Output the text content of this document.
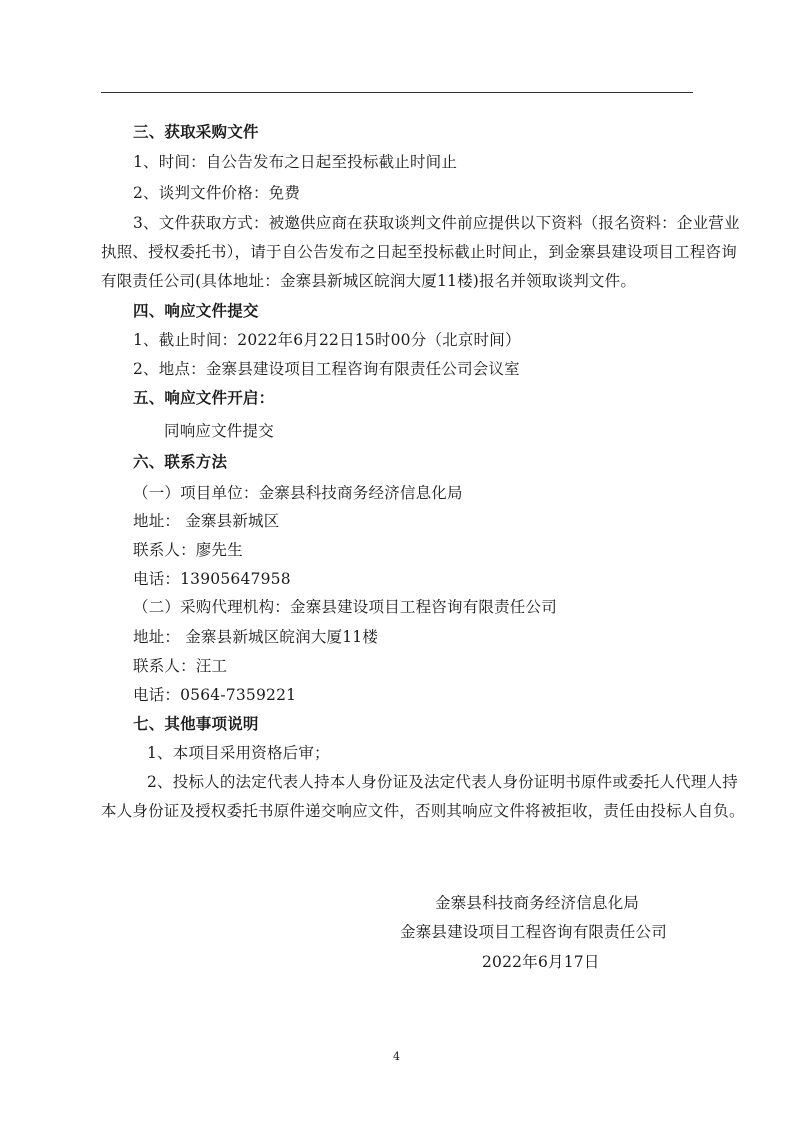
三、获取采购文件
1、时间：自公告发布之日起至投标截止时间止
2、谈判文件价格：免费
3、文件获取方式：被邀供应商在获取谈判文件前应提供以下资料（报名资料：企业营业
执照、授权委托书），请于自公告发布之日起至投标截止时间止，到金寨县建设项目工程咨询
有限责任公司(具体地址：金寨县新城区皖润大厦11楼)报名并领取谈判文件。
四、响应文件提交
1、截止时间：2022年6月22日15时00分（北京时间）
2、地点：金寨县建设项目工程咨询有限责任公司会议室
五、响应文件开启：
同响应文件提交
六、联系方法
（一）项目单位：金寨县科技商务经济信息化局
地址： 金寨县新城区
联系人：廖先生
电话：13905647958
（二）采购代理机构：金寨县建设项目工程咨询有限责任公司
地址： 金寨县新城区皖润大厦11楼
联系人：汪工
电话：0564-7359221
七、其他事项说明
1、本项目采用资格后审；
2、投标人的法定代表人持本人身份证及法定代表人身份证明书原件或委托人代理人持
本人身份证及授权委托书原件递交响应文件，否则其响应文件将被拒收，责任由投标人自负。
金寨县科技商务经济信息化局
金寨县建设项目工程咨询有限责任公司
2022年6月17日
4
